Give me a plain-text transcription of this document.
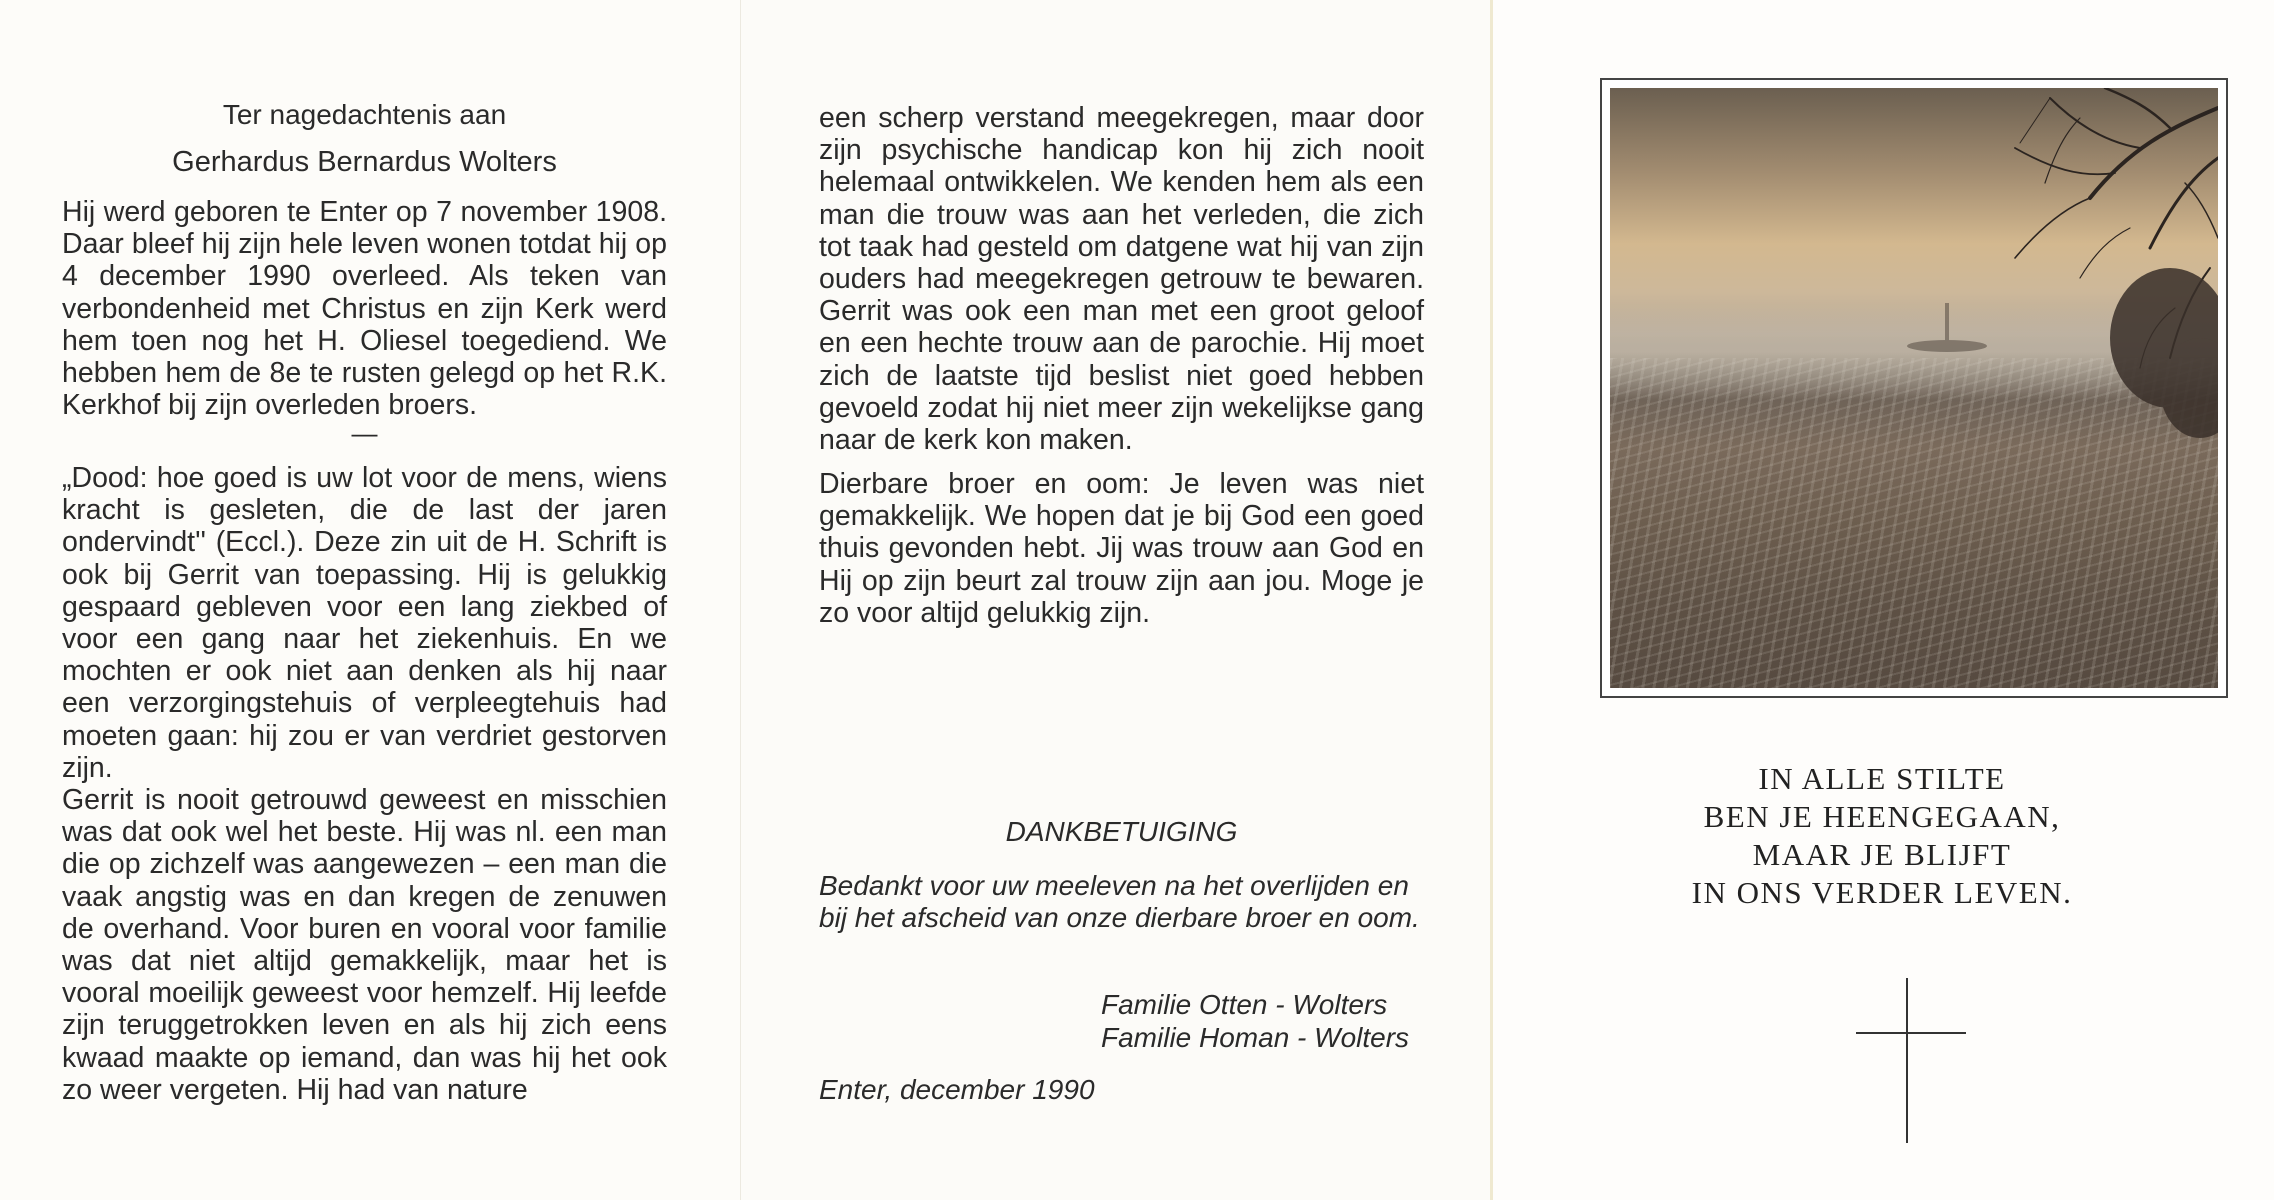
Ter nagedachtenis aan
Gerhardus Bernardus Wolters

Hij werd geboren te Enter op 7 november 1908. Daar bleef hij zijn hele leven wonen totdat hij op 4 december 1990 overleed. Als teken van verbondenheid met Christus en zijn Kerk werd hem toen nog het H. Oliesel toegediend. We hebben hem de 8e te rusten gelegd op het R.K. Kerkhof bij zijn overleden broers.

—

„Dood: hoe goed is uw lot voor de mens, wiens kracht is gesleten, die de last der jaren ondervindt'' (Eccl.). Deze zin uit de H. Schrift is ook bij Gerrit van toepassing. Hij is gelukkig gespaard gebleven voor een lang ziekbed of voor een gang naar het ziekenhuis. En we mochten er ook niet aan denken als hij naar een verzorgingstehuis of verpleegtehuis had moeten gaan: hij zou er van verdriet gestorven zijn.

Gerrit is nooit getrouwd geweest en misschien was dat ook wel het beste. Hij was nl. een man die op zichzelf was aangewezen – een man die vaak angstig was en dan kregen de zenuwen de overhand. Voor buren en vooral voor familie was dat niet altijd gemakkelijk, maar het is vooral moeilijk geweest voor hemzelf. Hij leefde zijn teruggetrokken leven en als hij zich eens kwaad maakte op iemand, dan was hij het ook zo weer vergeten. Hij had van nature

een scherp verstand meegekregen, maar door zijn psychische handicap kon hij zich nooit helemaal ontwikkelen. We kenden hem als een man die trouw was aan het verleden, die zich tot taak had gesteld om datgene wat hij van zijn ouders had meegekregen getrouw te bewaren. Gerrit was ook een man met een groot geloof en een hechte trouw aan de parochie. Hij moet zich de laatste tijd beslist niet goed hebben gevoeld zodat hij niet meer zijn wekelijkse gang naar de kerk kon maken.

Dierbare broer en oom: Je leven was niet gemakkelijk. We hopen dat je bij God een goed thuis gevonden hebt. Jij was trouw aan God en Hij op zijn beurt zal trouw zijn aan jou. Moge je zo voor altijd gelukkig zijn.

DANKBETUIGING

Bedankt voor uw meeleven na het overlijden en bij het afscheid van onze dierbare broer en oom.

Familie Otten - Wolters
Familie Homan - Wolters
Enter, december 1990
IN ALLE STILTE
BEN JE HEENGEGAAN,
MAAR JE BLIJFT
IN ONS VERDER LEVEN.
